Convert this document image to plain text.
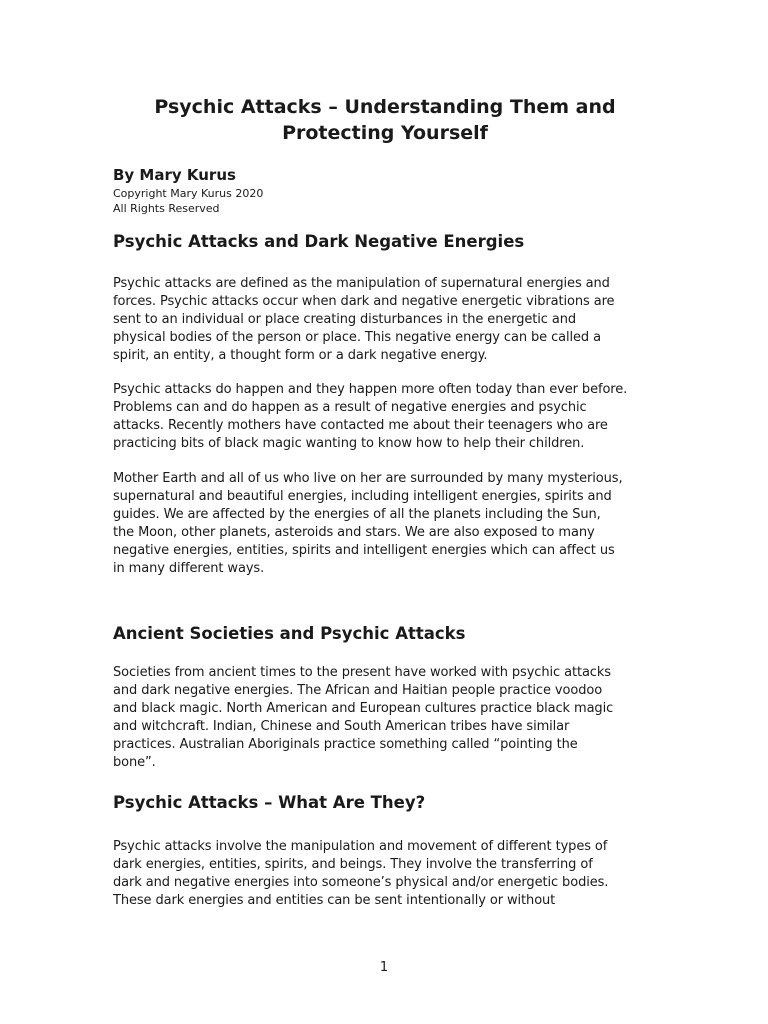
Psychic Attacks – Understanding Them and
Protecting Yourself
By Mary Kurus
Copyright Mary Kurus 2020
All Rights Reserved
Psychic Attacks and Dark Negative Energies
Psychic attacks are defined as the manipulation of supernatural energies and
forces. Psychic attacks occur when dark and negative energetic vibrations are
sent to an individual or place creating disturbances in the energetic and
physical bodies of the person or place. This negative energy can be called a
spirit, an entity, a thought form or a dark negative energy.
Psychic attacks do happen and they happen more often today than ever before.
Problems can and do happen as a result of negative energies and psychic
attacks. Recently mothers have contacted me about their teenagers who are
practicing bits of black magic wanting to know how to help their children.
Mother Earth and all of us who live on her are surrounded by many mysterious,
supernatural and beautiful energies, including intelligent energies, spirits and
guides. We are affected by the energies of all the planets including the Sun,
the Moon, other planets, asteroids and stars. We are also exposed to many
negative energies, entities, spirits and intelligent energies which can affect us
in many different ways.
Ancient Societies and Psychic Attacks
Societies from ancient times to the present have worked with psychic attacks
and dark negative energies. The African and Haitian people practice voodoo
and black magic. North American and European cultures practice black magic
and witchcraft. Indian, Chinese and South American tribes have similar
practices. Australian Aboriginals practice something called “pointing the
bone”.
Psychic Attacks – What Are They?
Psychic attacks involve the manipulation and movement of different types of
dark energies, entities, spirits, and beings. They involve the transferring of
dark and negative energies into someone’s physical and/or energetic bodies.
These dark energies and entities can be sent intentionally or without
1
